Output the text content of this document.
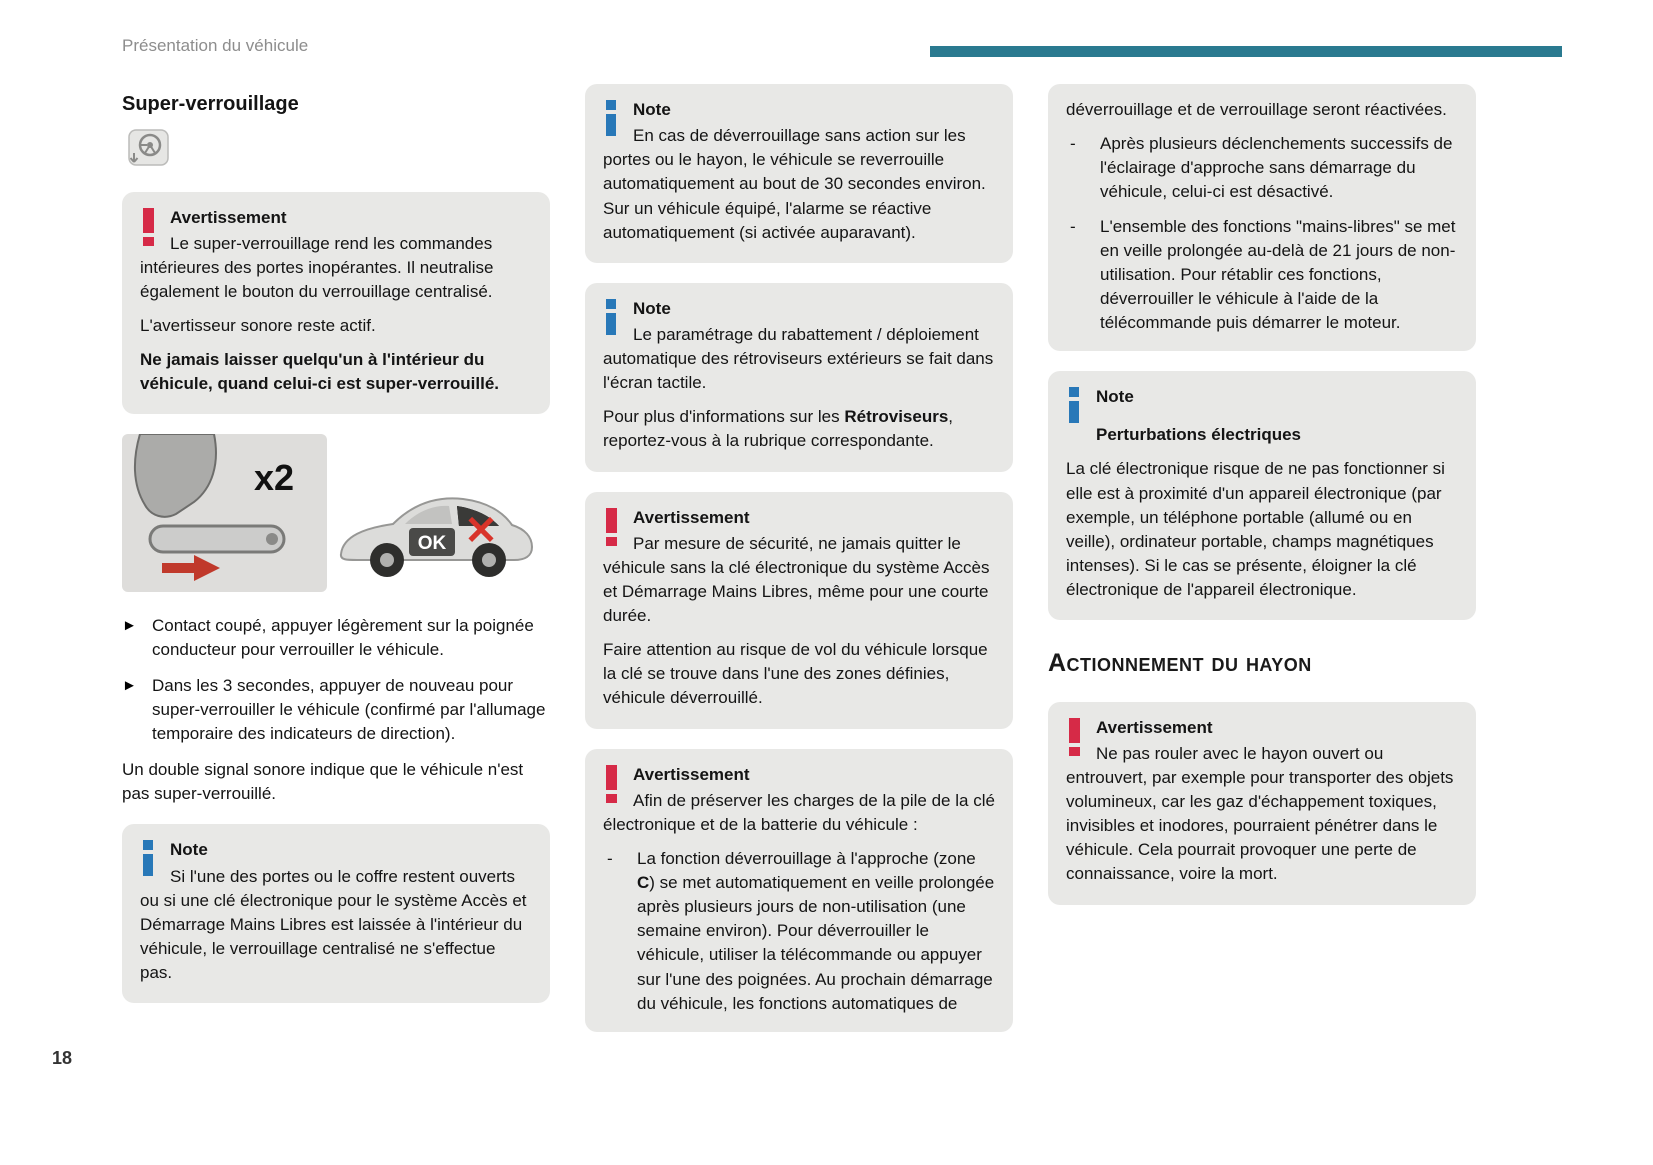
Présentation du véhicule
18
Super-verrouillage
Avertissement

Le super-verrouillage rend les commandes intérieures des portes inopérantes. Il neutralise également le bouton du verrouillage centralisé.

L'avertisseur sonore reste actif.

Ne jamais laisser quelqu'un à l'intérieur du véhicule, quand celui-ci est super-verrouillé.

x2
OK ✕
► Contact coupé, appuyer légèrement sur la poignée conducteur pour verrouiller le véhicule.
► Dans les 3 secondes, appuyer de nouveau pour super-verrouiller le véhicule (confirmé par l'allumage temporaire des indicateurs de direction).

Un double signal sonore indique que le véhicule n'est pas super-verrouillé.

Note

Si l'une des portes ou le coffre restent ouverts ou si une clé électronique pour le système Accès et Démarrage Mains Libres est laissée à l'intérieur du véhicule, le verrouillage centralisé ne s'effectue pas.

Note

En cas de déverrouillage sans action sur les portes ou le hayon, le véhicule se reverrouille automatiquement au bout de 30 secondes environ. Sur un véhicule équipé, l'alarme se réactive automatiquement (si activée auparavant).

Note

Le paramétrage du rabattement / déploiement automatique des rétroviseurs extérieurs se fait dans l'écran tactile.

Pour plus d'informations sur les Rétroviseurs, reportez-vous à la rubrique correspondante.

Avertissement

Par mesure de sécurité, ne jamais quitter le véhicule sans la clé électronique du système Accès et Démarrage Mains Libres, même pour une courte durée.

Faire attention au risque de vol du véhicule lorsque la clé se trouve dans l'une des zones définies, véhicule déverrouillé.

Avertissement

Afin de préserver les charges de la pile de la clé électronique et de la batterie du véhicule :

-	La fonction déverrouillage à l'approche (zone C) se met automatiquement en veille prolongée après plusieurs jours de non-utilisation (une semaine environ). Pour déverrouiller le véhicule, utiliser la télécommande ou appuyer sur l'une des poignées. Au prochain démarrage du véhicule, les fonctions automatiques de

déverrouillage et de verrouillage seront réactivées.

-	Après plusieurs déclenchements successifs de l'éclairage d'approche sans démarrage du véhicule, celui-ci est désactivé.
-	L'ensemble des fonctions "mains-libres" se met en veille prolongée au-delà de 21 jours de non-utilisation. Pour rétablir ces fonctions, déverrouiller le véhicule à l'aide de la télécommande puis démarrer le moteur.
Note

Perturbations électriques

La clé électronique risque de ne pas fonctionner si elle est à proximité d'un appareil électronique (par exemple, un téléphone portable (allumé ou en veille), ordinateur portable, champs magnétiques intenses). Si le cas se présente, éloigner la clé électronique de l'appareil électronique.

Actionnement du hayon
Avertissement

Ne pas rouler avec le hayon ouvert ou entrouvert, par exemple pour transporter des objets volumineux, car les gaz d'échappement toxiques, invisibles et inodores, pourraient pénétrer dans le véhicule. Cela pourrait provoquer une perte de connaissance, voire la mort.
